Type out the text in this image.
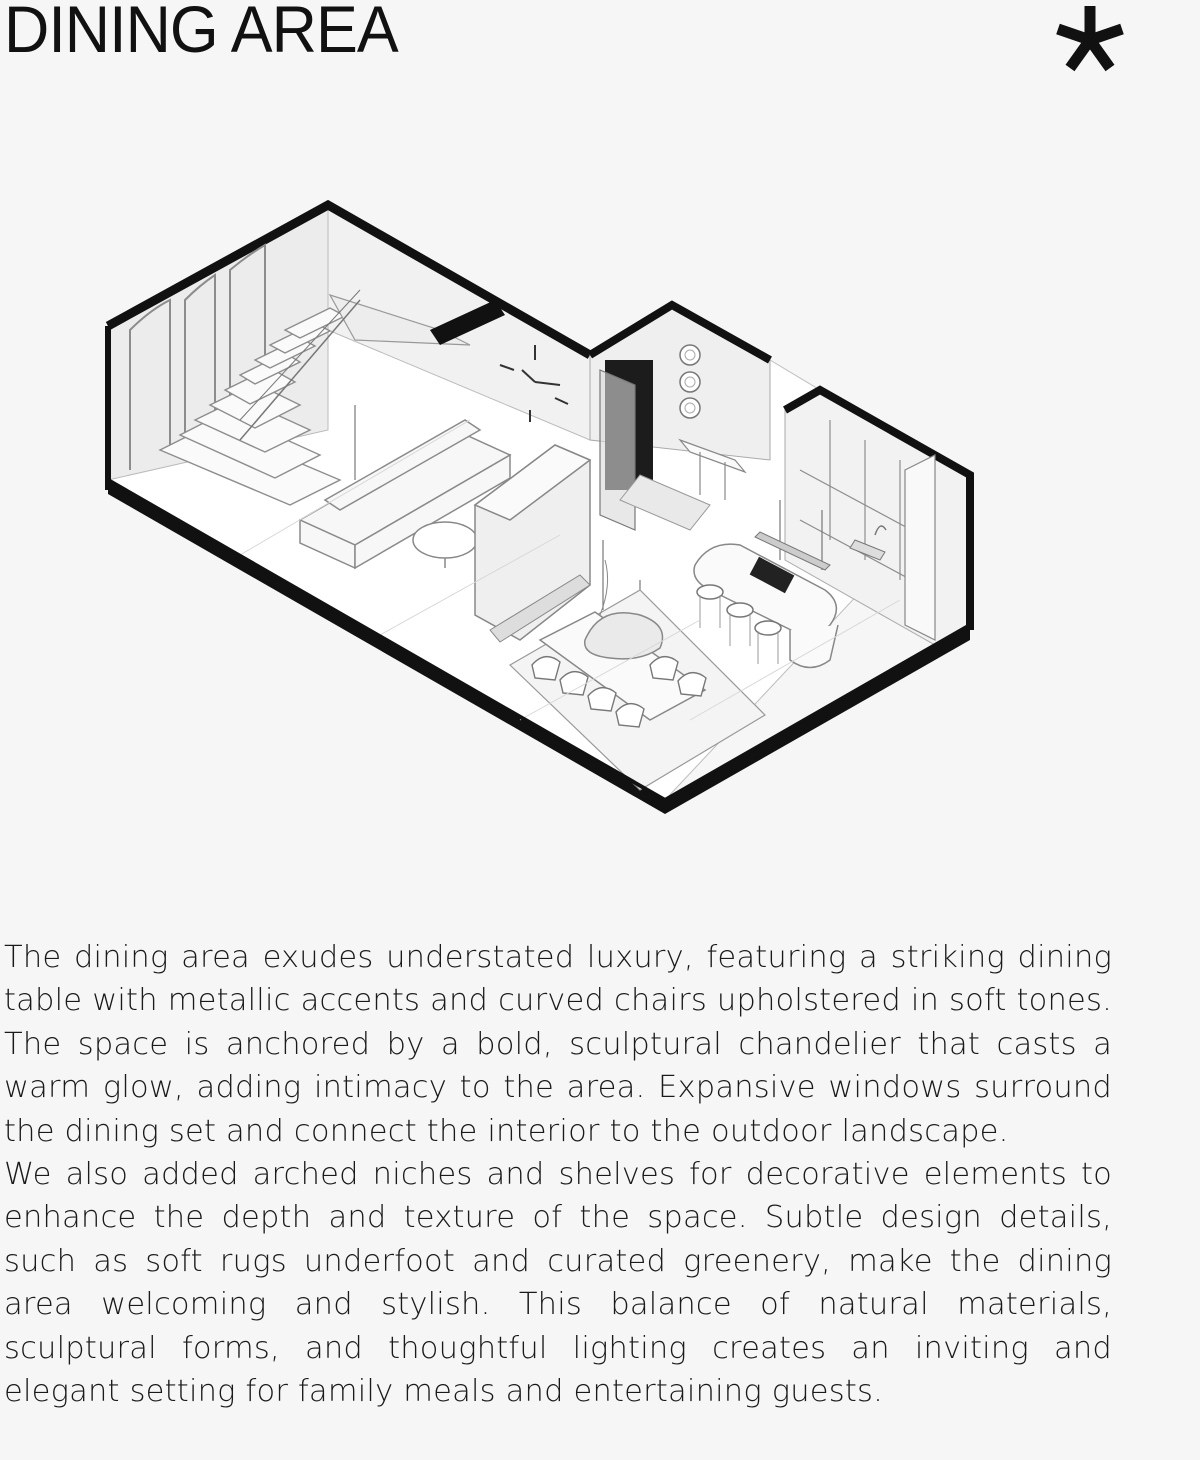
DINING AREA

The dining area exudes understated luxury, featuring a striking dining table with metallic accents and curved chairs upholstered in soft tones. The space is anchored by a bold, sculptural chandelier that casts a warm glow, adding intimacy to the area. Expansive windows surround the dining set and connect the interior to the outdoor landscape.

We also added arched niches and shelves for decorative elements to enhance the depth and texture of the space. Subtle design details, such as soft rugs underfoot and curated greenery, make the dining area welcoming and stylish. This balance of natural materials, sculptural forms, and thoughtful lighting creates an inviting and elegant setting for family meals and entertaining guests.
